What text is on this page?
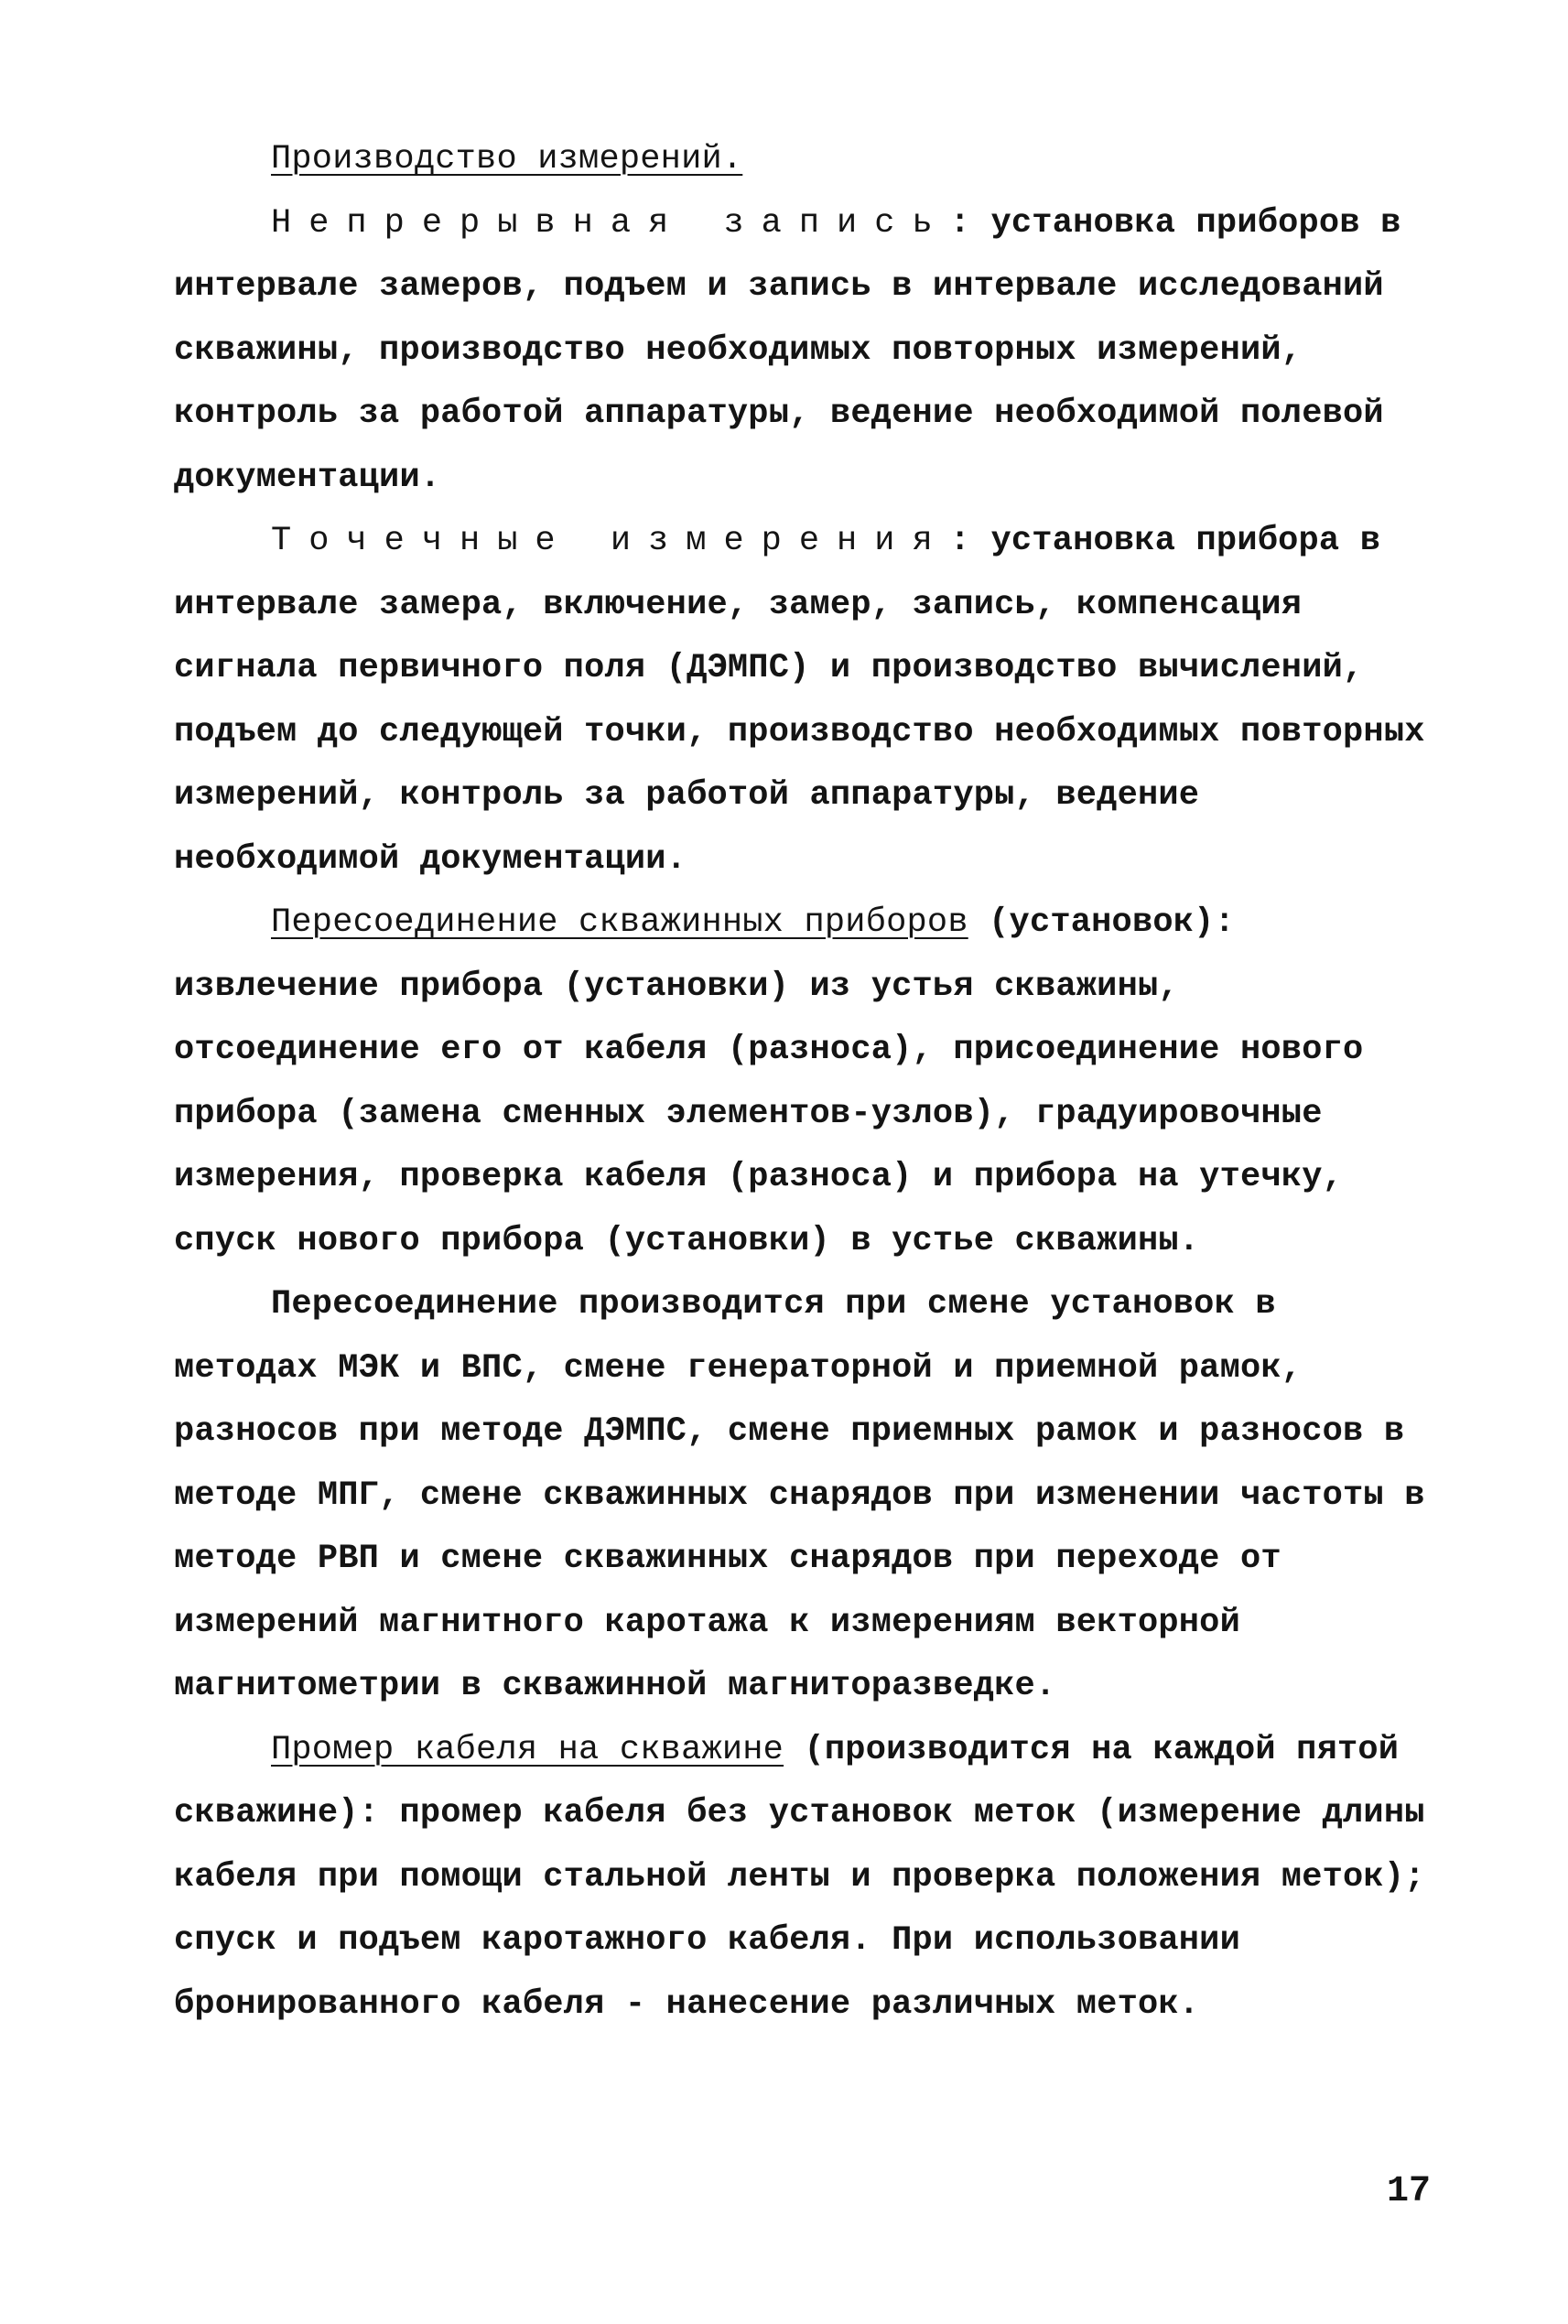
Производство измерений.

Непрерывная запись: установка приборов в интервале замеров, подъем и запись в интервале исследований скважины, производство необходимых повторных измерений, контроль за работой аппаратуры, ведение необходимой полевой документации.

Точечные измерения: установка прибора в интервале замера, включение, замер, запись, компенсация сигнала первичного поля (ДЭМПС) и производство вычислений, подъем до следующей точки, производство необходимых повторных измерений, контроль за работой аппаратуры, ведение необходимой документации.

Пересоединение скважинных приборов (установок): извлечение прибора (установки) из устья скважины, отсоединение его от кабеля (разноса), присоединение нового прибора (замена сменных элементов-узлов), градуировочные измерения, проверка кабеля (разноса) и прибора на утечку, спуск нового прибора (установки) в устье скважины.

Пересоединение производится при смене установок в методах МЭК и ВПС, смене генераторной и приемной рамок, разносов при методе ДЭМПС, смене приемных рамок и разносов в методе МПГ, смене скважинных снарядов при изменении частоты в методе РВП и смене скважинных снарядов при переходе от измерений магнитного каротажа к измерениям векторной магнитометрии в скважинной магниторазведке.

Промер кабеля на скважине (производится на каждой пятой скважине): промер кабеля без установок меток (измерение длины кабеля при помощи стальной ленты и проверка положения меток); спуск и подъем каротажного кабеля. При использовании бронированного кабеля - нанесение различных меток.

17
